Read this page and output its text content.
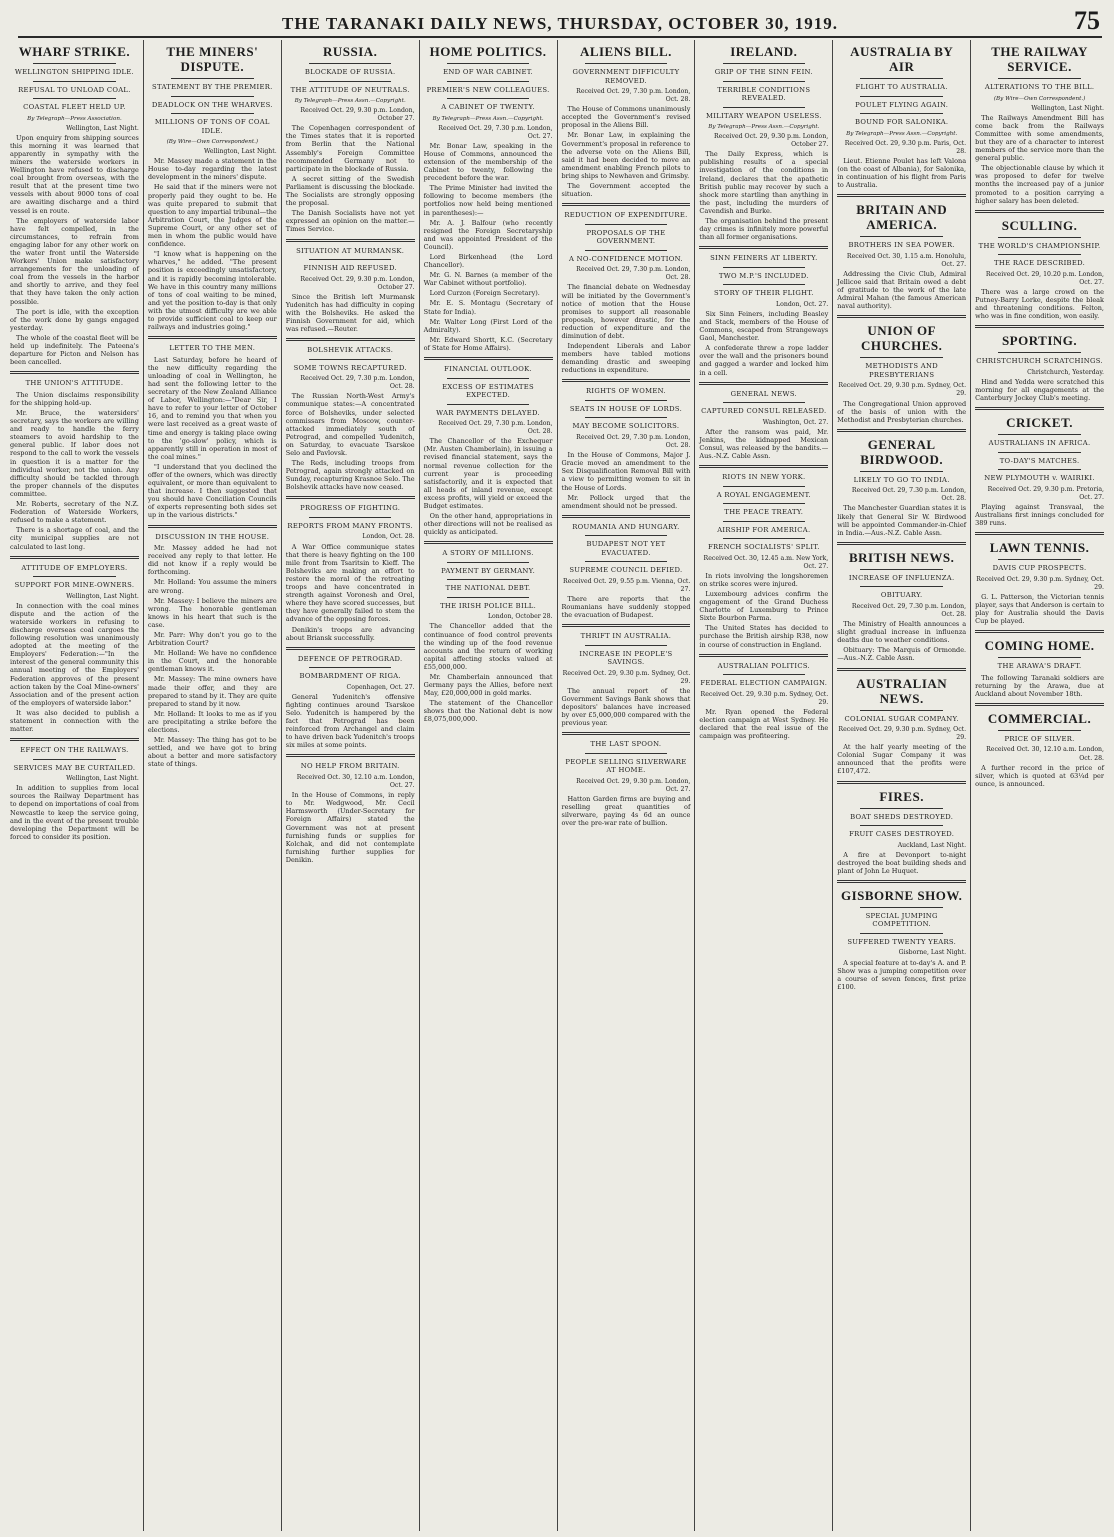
THE TARANAKI DAILY NEWS, THURSDAY, OCTOBER 30, 1919.	75
WHARF STRIKE.
WELLINGTON SHIPPING IDLE.
REFUSAL TO UNLOAD COAL.
COASTAL FLEET HELD UP.
By Telegraph—Press Association.
Wellington, Last Night.

Upon enquiry from shipping sources this morning it was learned that apparently in sympathy with the miners the waterside workers in Wellington have refused to discharge coal brought from overseas, with the result that at the present time two vessels with about 9000 tons of coal are awaiting discharge and a third vessel is en route.

The employers of waterside labor have felt compelled, in the circumstances, to refrain from engaging labor for any other work on the water front until the Waterside Workers' Union make satisfactory arrangements for the unloading of coal from the vessels in the harbor and shortly to arrive, and they feel that they have taken the only action possible.

The port is idle, with the exception of the work done by gangs engaged yesterday.

The whole of the coastal fleet will be held up indefinitely. The Pateena's departure for Picton and Nelson has been cancelled.

THE UNION'S ATTITUDE.

The Union disclaims responsibility for the shipping hold-up.

Mr. Bruce, the watersiders' secretary, says the workers are willing and ready to handle the ferry steamers to avoid hardship to the general public. If labor does not respond to the call to work the vessels in question it is a matter for the individual worker, not the union. Any difficulty should be tackled through the proper channels of the disputes committee.

Mr. Roberts, secretary of the N.Z. Federation of Waterside Workers, refused to make a statement.

There is a shortage of coal, and the city municipal supplies are not calculated to last long.

ATTITUDE OF EMPLOYERS.
SUPPORT FOR MINE-OWNERS.
Wellington, Last Night.

In connection with the coal mines dispute and the action of the waterside workers in refusing to discharge overseas coal cargoes the following resolution was unanimously adopted at the meeting of the Employers' Federation:—"In the interest of the general community this annual meeting of the Employers' Federation approves of the present action taken by the Coal Mine-owners' Association and of the present action of the employers of waterside labor."

It was also decided to publish a statement in connection with the matter.

EFFECT ON THE RAILWAYS.
SERVICES MAY BE CURTAILED.
Wellington, Last Night.

In addition to supplies from local sources the Railway Department has to depend on importations of coal from Newcastle to keep the service going, and in the event of the present trouble developing the Department will be forced to consider its position.

THE MINERS' DISPUTE.
STATEMENT BY THE PREMIER.
DEADLOCK ON THE WHARVES.
MILLIONS OF TONS OF COAL IDLE.
(By Wire—Own Correspondent.)
Wellington, Last Night.

Mr. Massey made a statement in the House to-day regarding the latest development in the miners' dispute.

He said that if the miners were not properly paid they ought to be. He was quite prepared to submit that question to any impartial tribunal—the Arbitration Court, the Judges of the Supreme Court, or any other set of men in whom the public would have confidence.

"I know what is happening on the wharves," he added. "The present position is exceedingly unsatisfactory, and it is rapidly becoming intolerable. We have in this country many millions of tons of coal waiting to be mined, and yet the position to-day is that only with the utmost difficulty are we able to provide sufficient coal to keep our railways and industries going."

LETTER TO THE MEN.

Last Saturday, before he heard of the new difficulty regarding the unloading of coal in Wellington, he had sent the following letter to the secretary of the New Zealand Alliance of Labor, Wellington:—"Dear Sir, I have to refer to your letter of October 16, and to remind you that when you were last received as a great waste of time and energy is taking place owing to the 'go-slow' policy, which is apparently still in operation in most of the coal mines."

"I understand that you declined the offer of the owners, which was directly equivalent, or more than equivalent to that increase. I then suggested that you should have Conciliation Councils of experts representing both sides set up in the various districts."

DISCUSSION IN THE HOUSE.

Mr. Massey added he had not received any reply to that letter. He did not know if a reply would be forthcoming.

Mr. Holland: You assume the miners are wrong.

Mr. Massey: I believe the miners are wrong. The honorable gentleman knows in his heart that such is the case.

Mr. Parr: Why don't you go to the Arbitration Court?

Mr. Holland: We have no confidence in the Court, and the honorable gentleman knows it.

Mr. Massey: The mine owners have made their offer, and they are prepared to stand by it. They are quite prepared to stand by it now.

Mr. Holland: It looks to me as if you are precipitating a strike before the elections.

Mr. Massey: The thing has got to be settled, and we have got to bring about a better and more satisfactory state of things.

RUSSIA.
BLOCKADE OF RUSSIA.
THE ATTITUDE OF NEUTRALS.
By Telegraph—Press Assn.—Copyright.
Received Oct. 29, 9.30 p.m. London, October 27.

The Copenhagen correspondent of the Times states that it is reported from Berlin that the National Assembly's Foreign Committee recommended Germany not to participate in the blockade of Russia.

A secret sitting of the Swedish Parliament is discussing the blockade. The Socialists are strongly opposing the proposal.

The Danish Socialists have not yet expressed an opinion on the matter.—Times Service.

SITUATION AT MURMANSK.
FINNISH AID REFUSED.
Received Oct. 29, 9.30 p.m. London, October 27.

Since the British left Murmansk Yudenitch has had difficulty in coping with the Bolsheviks. He asked the Finnish Government for aid, which was refused.—Reuter.

BOLSHEVIK ATTACKS.
SOME TOWNS RECAPTURED.
Received Oct. 29, 7.30 p.m. London, Oct. 28.

The Russian North-West Army's communique states:—A concentrated force of Bolsheviks, under selected commissars from Moscow, counter-attacked immediately south of Petrograd, and compelled Yudenitch, on Saturday, to evacuate Tsarskoe Selo and Pavlovsk.

The Reds, including troops from Petrograd, again strongly attacked on Sunday, recapturing Krasnoe Selo. The Bolshevik attacks have now ceased.

PROGRESS OF FIGHTING.
REPORTS FROM MANY FRONTS.
London, Oct. 28.

A War Office communique states that there is heavy fighting on the 100 mile front from Tsaritsin to Kieff. The Bolsheviks are making an effort to restore the moral of the retreating troops and have concentrated in strength against Voronesh and Orel, where they have scored successes, but they have generally failed to stem the advance of the opposing forces.

Denikin's troops are advancing about Briansk successfully.

DEFENCE OF PETROGRAD.
BOMBARDMENT OF RIGA.
Copenhagen, Oct. 27.

General Yudenitch's offensive fighting continues around Tsarskoe Selo. Yudenitch is hampered by the fact that Petrograd has been reinforced from Archangel and claim to have driven back Yudenitch's troops six miles at some points.

NO HELP FROM BRITAIN.
Received Oct. 30, 12.10 a.m. London, Oct. 27.

In the House of Commons, in reply to Mr. Wedgwood, Mr. Cecil Harmsworth (Under-Secretary for Foreign Affairs) stated the Government was not at present furnishing funds or supplies for Kolchak, and did not contemplate furnishing further supplies for Denikin.

HOME POLITICS.
END OF WAR CABINET.
PREMIER'S NEW COLLEAGUES.
A CABINET OF TWENTY.
By Telegraph—Press Assn.—Copyright.
Received Oct. 29, 7.30 p.m. London, Oct. 27.

Mr. Bonar Law, speaking in the House of Commons, announced the extension of the membership of the Cabinet to twenty, following the precedent before the war.

The Prime Minister had invited the following to become members (the portfolios now held being mentioned in parentheses):—

Mr. A. J. Balfour (who recently resigned the Foreign Secretaryship and was appointed President of the Council).

Lord Birkenhead (the Lord Chancellor).

Mr. G. N. Barnes (a member of the War Cabinet without portfolio).

Lord Curzon (Foreign Secretary).

Mr. E. S. Montagu (Secretary of State for India).

Mr. Walter Long (First Lord of the Admiralty).

Mr. Edward Shortt, K.C. (Secretary of State for Home Affairs).

FINANCIAL OUTLOOK.
EXCESS OF ESTIMATES EXPECTED.
WAR PAYMENTS DELAYED.
Received Oct. 29, 7.30 p.m. London, Oct. 28.

The Chancellor of the Exchequer (Mr. Austen Chamberlain), in issuing a revised financial statement, says the normal revenue collection for the current year is proceeding satisfactorily, and it is expected that all heads of inland revenue, except excess profits, will yield or exceed the Budget estimates.

On the other hand, appropriations in other directions will not be realised as quickly as anticipated.

A STORY OF MILLIONS.
PAYMENT BY GERMANY.
THE NATIONAL DEBT.
THE IRISH POLICE BILL.
London, October 28.

The Chancellor added that the continuance of food control prevents the winding up of the food revenue accounts and the return of working capital affecting stocks valued at £55,000,000.

Mr. Chamberlain announced that Germany pays the Allies, before next May, £20,000,000 in gold marks.

The statement of the Chancellor shows that the National debt is now £8,075,000,000.

ALIENS BILL.
GOVERNMENT DIFFICULTY REMOVED.
Received Oct. 29, 7.30 p.m. London, Oct. 28.

The House of Commons unanimously accepted the Government's revised proposal in the Aliens Bill.

Mr. Bonar Law, in explaining the Government's proposal in reference to the adverse vote on the Aliens Bill, said it had been decided to move an amendment enabling French pilots to bring ships to Newhaven and Grimsby.

The Government accepted the situation.

REDUCTION OF EXPENDITURE.
PROPOSALS OF THE GOVERNMENT.
A NO-CONFIDENCE MOTION.
Received Oct. 29, 7.30 p.m. London, Oct. 28.

The financial debate on Wednesday will be initiated by the Government's notice of motion that the House promises to support all reasonable proposals, however drastic, for the reduction of expenditure and the diminution of debt.

Independent Liberals and Labor members have tabled motions demanding drastic and sweeping reductions in expenditure.

RIGHTS OF WOMEN.
SEATS IN HOUSE OF LORDS.
MAY BECOME SOLICITORS.
Received Oct. 29, 7.30 p.m. London, Oct. 28.

In the House of Commons, Major J. Gracie moved an amendment to the Sex Disqualification Removal Bill with a view to permitting women to sit in the House of Lords.

Mr. Pollock urged that the amendment should not be pressed.

ROUMANIA AND HUNGARY.
BUDAPEST NOT YET EVACUATED.
SUPREME COUNCIL DEFIED.
Received Oct. 29, 9.55 p.m. Vienna, Oct. 27.

There are reports that the Roumanians have suddenly stopped the evacuation of Budapest.

THRIFT IN AUSTRALIA.
INCREASE IN PEOPLE'S SAVINGS.
Received Oct. 29, 9.30 p.m. Sydney, Oct. 29.

The annual report of the Government Savings Bank shows that depositors' balances have increased by over £5,000,000 compared with the previous year.

THE LAST SPOON.
PEOPLE SELLING SILVERWARE AT HOME.
Received Oct. 29, 9.30 p.m. London, Oct. 27.

Hatton Garden firms are buying and reselling great quantities of silverware, paying 4s 6d an ounce over the pre-war rate of bullion.

IRELAND.
GRIP OF THE SINN FEIN.
TERRIBLE CONDITIONS REVEALED.
MILITARY WEAPON USELESS.
By Telegraph—Press Assn.—Copyright.
Received Oct. 29, 9.30 p.m. London, October 27.

The Daily Express, which is publishing results of a special investigation of the conditions in Ireland, declares that the apathetic British public may recover by such a shock more startling than anything in the past, including the murders of Cavendish and Burke.

The organisation behind the present day crimes is infinitely more powerful than all former organisations.

SINN FEINERS AT LIBERTY.
TWO M.P.'S INCLUDED.
STORY OF THEIR FLIGHT.
London, Oct. 27.

Six Sinn Feiners, including Beasley and Stack, members of the House of Commons, escaped from Strangeways Gaol, Manchester.

A confederate threw a rope ladder over the wall and the prisoners bound and gagged a warder and locked him in a cell.

GENERAL NEWS.
CAPTURED CONSUL RELEASED.
Washington, Oct. 27.

After the ransom was paid, Mr. Jenkins, the kidnapped Mexican Consul, was released by the bandits.—Aus.-N.Z. Cable Assn.

RIOTS IN NEW YORK.
A ROYAL ENGAGEMENT.
THE PEACE TREATY.
AIRSHIP FOR AMERICA.
FRENCH SOCIALISTS' SPLIT.
Received Oct. 30, 12.45 a.m. New York, Oct. 27.

In riots involving the longshoremen on strike scores were injured.

Luxembourg advices confirm the engagement of the Grand Duchess Charlotte of Luxemburg to Prince Sixte Bourbon Parma.

The United States has decided to purchase the British airship R38, now in course of construction in England.

AUSTRALIAN POLITICS.
FEDERAL ELECTION CAMPAIGN.
Received Oct. 29, 9.30 p.m. Sydney, Oct. 29.

Mr. Ryan opened the Federal election campaign at West Sydney. He declared that the real issue of the campaign was profiteering.

AUSTRALIA BY AIR
FLIGHT TO AUSTRALIA.
POULET FLYING AGAIN.
BOUND FOR SALONIKA.
By Telegraph—Press Assn.—Copyright.
Received Oct. 29, 9.30 p.m. Paris, Oct. 28.

Lieut. Etienne Poulet has left Valona (on the coast of Albania), for Salonika, in continuation of his flight from Paris to Australia.

BRITAIN AND AMERICA.
BROTHERS IN SEA POWER.
Received Oct. 30, 1.15 a.m. Honolulu, Oct. 27.

Addressing the Civic Club, Admiral Jellicoe said that Britain owed a debt of gratitude to the work of the late Admiral Mahan (the famous American naval authority).

UNION OF CHURCHES.
METHODISTS AND PRESBYTERIANS
Received Oct. 29, 9.30 p.m. Sydney, Oct. 29.

The Congregational Union approved of the basis of union with the Methodist and Presbyterian churches.

GENERAL BIRDWOOD.
LIKELY TO GO TO INDIA.
Received Oct. 29, 7.30 p.m. London, Oct. 28.

The Manchester Guardian states it is likely that General Sir W. Birdwood will be appointed Commander-in-Chief in India.—Aus.-N.Z. Cable Assn.

BRITISH NEWS.
INCREASE OF INFLUENZA.
OBITUARY.
Received Oct. 29, 7.30 p.m. London, Oct. 28.

The Ministry of Health announces a slight gradual increase in influenza deaths due to weather conditions.

Obituary: The Marquis of Ormonde.—Aus.-N.Z. Cable Assn.

AUSTRALIAN NEWS.
COLONIAL SUGAR COMPANY.
Received Oct. 29, 9.30 p.m. Sydney, Oct. 29.

At the half yearly meeting of the Colonial Sugar Company it was announced that the profits were £107,472.

FIRES.
BOAT SHEDS DESTROYED.
FRUIT CASES DESTROYED.
Auckland, Last Night.

A fire at Devonport to-night destroyed the boat building sheds and plant of John Le Huquet.

GISBORNE SHOW.
SPECIAL JUMPING COMPETITION.
SUFFERED TWENTY YEARS.
Gisborne, Last Night.

A special feature at to-day's A. and P. Show was a jumping competition over a course of seven fences, first prize £100.

THE RAILWAY SERVICE.
ALTERATIONS TO THE BILL.
(By Wire—Own Correspondent.)
Wellington, Last Night.

The Railways Amendment Bill has come back from the Railways Committee with some amendments, but they are of a character to interest members of the service more than the general public.

The objectionable clause by which it was proposed to defer for twelve months the increased pay of a junior promoted to a position carrying a higher salary has been deleted.

SCULLING.
THE WORLD'S CHAMPIONSHIP.
THE RACE DESCRIBED.
Received Oct. 29, 10.20 p.m. London, Oct. 27.

There was a large crowd on the Putney-Barry Lorke, despite the bleak and threatening conditions. Felton, who was in fine condition, won easily.

SPORTING.
CHRISTCHURCH SCRATCHINGS.
Christchurch, Yesterday.

Hind and Yedda were scratched this morning for all engagements at the Canterbury Jockey Club's meeting.

CRICKET.
AUSTRALIANS IN AFRICA.
TO-DAY'S MATCHES.
NEW PLYMOUTH v. WAIRIKI.
Received Oct. 29, 9.30 p.m. Pretoria, Oct. 27.

Playing against Transvaal, the Australians first innings concluded for 389 runs.

LAWN TENNIS.
DAVIS CUP PROSPECTS.
Received Oct. 29, 9.30 p.m. Sydney, Oct. 29.

G. L. Patterson, the Victorian tennis player, says that Anderson is certain to play for Australia should the Davis Cup be played.

COMING HOME.
THE ARAWA'S DRAFT.

The following Taranaki soldiers are returning by the Arawa, due at Auckland about November 18th.

COMMERCIAL.
PRICE OF SILVER.
Received Oct. 30, 12.10 a.m. London, Oct. 28.

A further record in the price of silver, which is quoted at 63¼d per ounce, is announced.
